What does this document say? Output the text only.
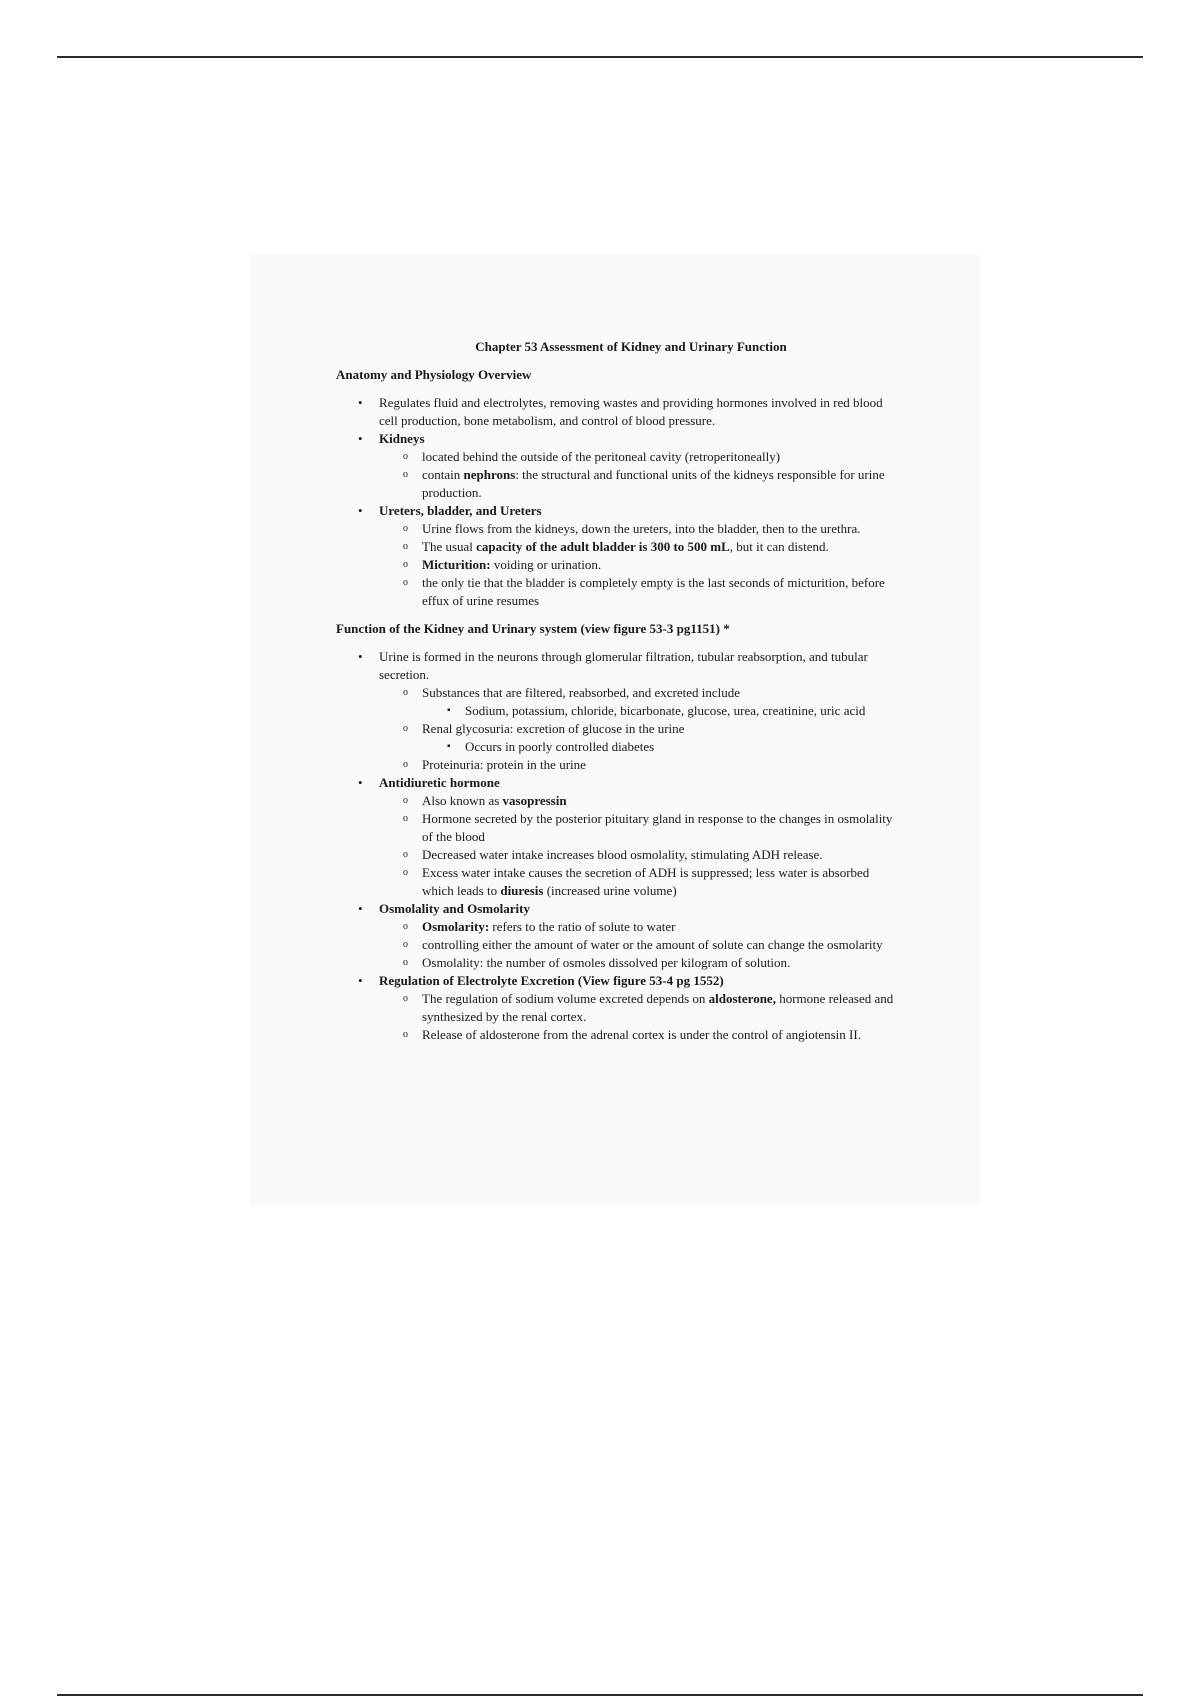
Chapter 53 Assessment of Kidney and Urinary Function
Anatomy and Physiology Overview
• Regulates fluid and electrolytes, removing wastes and providing hormones involved in red blood cell production, bone metabolism, and control of blood pressure.
• Kidneys
o located behind the outside of the peritoneal cavity (retroperitoneally)
o contain nephrons: the structural and functional units of the kidneys responsible for urine production.
• Ureters, bladder, and Ureters
o Urine flows from the kidneys, down the ureters, into the bladder, then to the urethra.
o The usual capacity of the adult bladder is 300 to 500 mL, but it can distend.
o Micturition: voiding or urination.
o the only tie that the bladder is completely empty is the last seconds of micturition, before effux of urine resumes
Function of the Kidney and Urinary system (view figure 53-3 pg1151) *
• Urine is formed in the neurons through glomerular filtration, tubular reabsorption, and tubular secretion.
o Substances that are filtered, reabsorbed, and excreted include
▪ Sodium, potassium, chloride, bicarbonate, glucose, urea, creatinine, uric acid
o Renal glycosuria: excretion of glucose in the urine
▪ Occurs in poorly controlled diabetes
o Proteinuria: protein in the urine
• Antidiuretic hormone
o Also known as vasopressin
o Hormone secreted by the posterior pituitary gland in response to the changes in osmolality of the blood
o Decreased water intake increases blood osmolality, stimulating ADH release.
o Excess water intake causes the secretion of ADH is suppressed; less water is absorbed which leads to diuresis (increased urine volume)
• Osmolality and Osmolarity
o Osmolarity: refers to the ratio of solute to water
o controlling either the amount of water or the amount of solute can change the osmolarity
o Osmolality: the number of osmoles dissolved per kilogram of solution.
• Regulation of Electrolyte Excretion (View figure 53-4 pg 1552)
o The regulation of sodium volume excreted depends on aldosterone, hormone released and synthesized by the renal cortex.
o Release of aldosterone from the adrenal cortex is under the control of angiotensin II.
